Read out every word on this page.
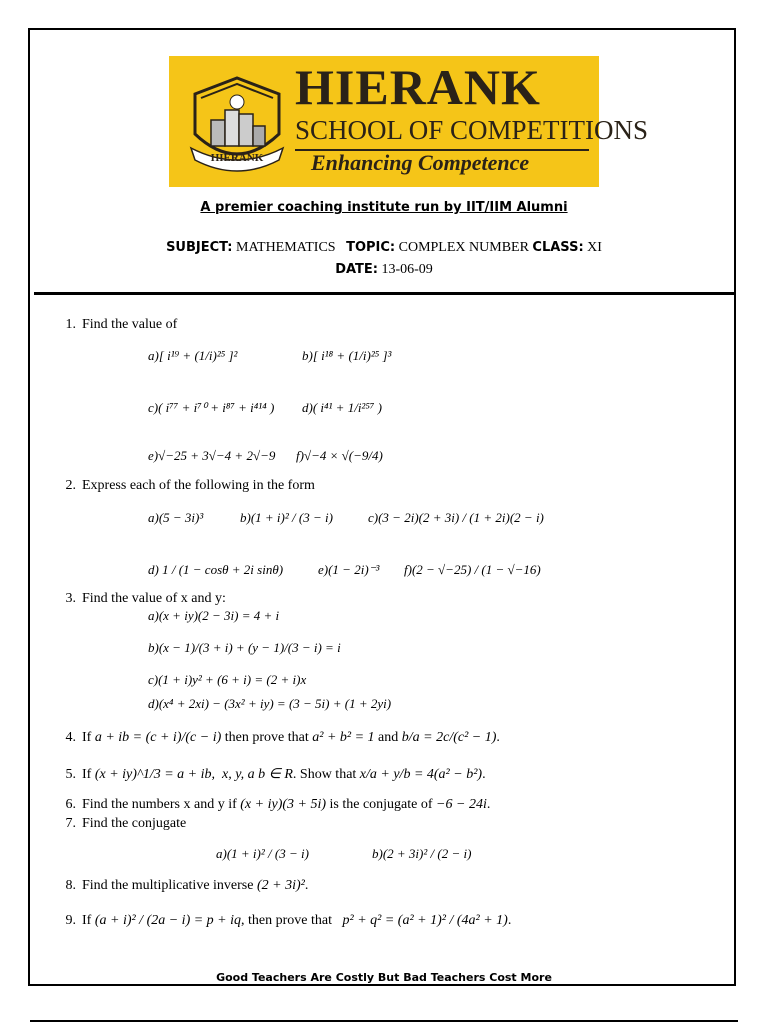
HIERANK
HIERANK
SCHOOL OF COMPETITIONS
Enhancing Competence
A premier coaching institute run by IIT/IIM Alumni
SUBJECT: MATHEMATICS TOPIC: COMPLEX NUMBER CLASS: XI
DATE: 13-06-09
1. Find the value of
a)[ i¹⁹ + (1/i)²⁵ ]²	b)[ i¹⁸ + (1/i)²⁵ ]³
c)( i⁷⁷ + i⁷⁰ + i⁸⁷ + i⁴¹⁴ ) d)( i⁴¹ + 1/i²⁵⁷ )
e)√−25 + 3√−4 + 2√−9 f)√−4 × √(−9/4)
2. Express each of the following in the form
a)(5 − 3i)³	b)(1 + i)² / (3 − i)	c)(3 − 2i)(2 + 3i) / (1 + 2i)(2 − i)
d) 1 / (1 − cosθ + 2i sinθ)	e)(1 − 2i)⁻³ f)(2 − √−25) / (1 − √−16)
3. Find the value of x and y:
a)(x + iy)(2 − 3i) = 4 + i
b)(x − 1)/(3 + i) + (y − 1)/(3 − i) = i
c)(1 + i)y² + (6 + i) = (2 + i)x
d)(x⁴ + 2xi) − (3x² + iy) = (3 − 5i) + (1 + 2yi)
4. If a + ib = (c + i)/(c − i) then prove that a² + b² = 1 and b/a = 2c/(c² − 1).
5. If (x + iy)^1/3 = a + ib, x, y, a b ∈ R. Show that x/a + y/b = 4(a² − b²).
6. Find the numbers x and y if (x + iy)(3 + 5i) is the conjugate of −6 − 24i.
7. Find the conjugate
a)(1 + i)² / (3 − i)	b)(2 + 3i)² / (2 − i)
8. Find the multiplicative inverse (2 + 3i)².
9. If (a + i)² / (2a − i) = p + iq, then prove that p² + q² = (a² + 1)² / (4a² + 1).
Good Teachers Are Costly But Bad Teachers Cost More
